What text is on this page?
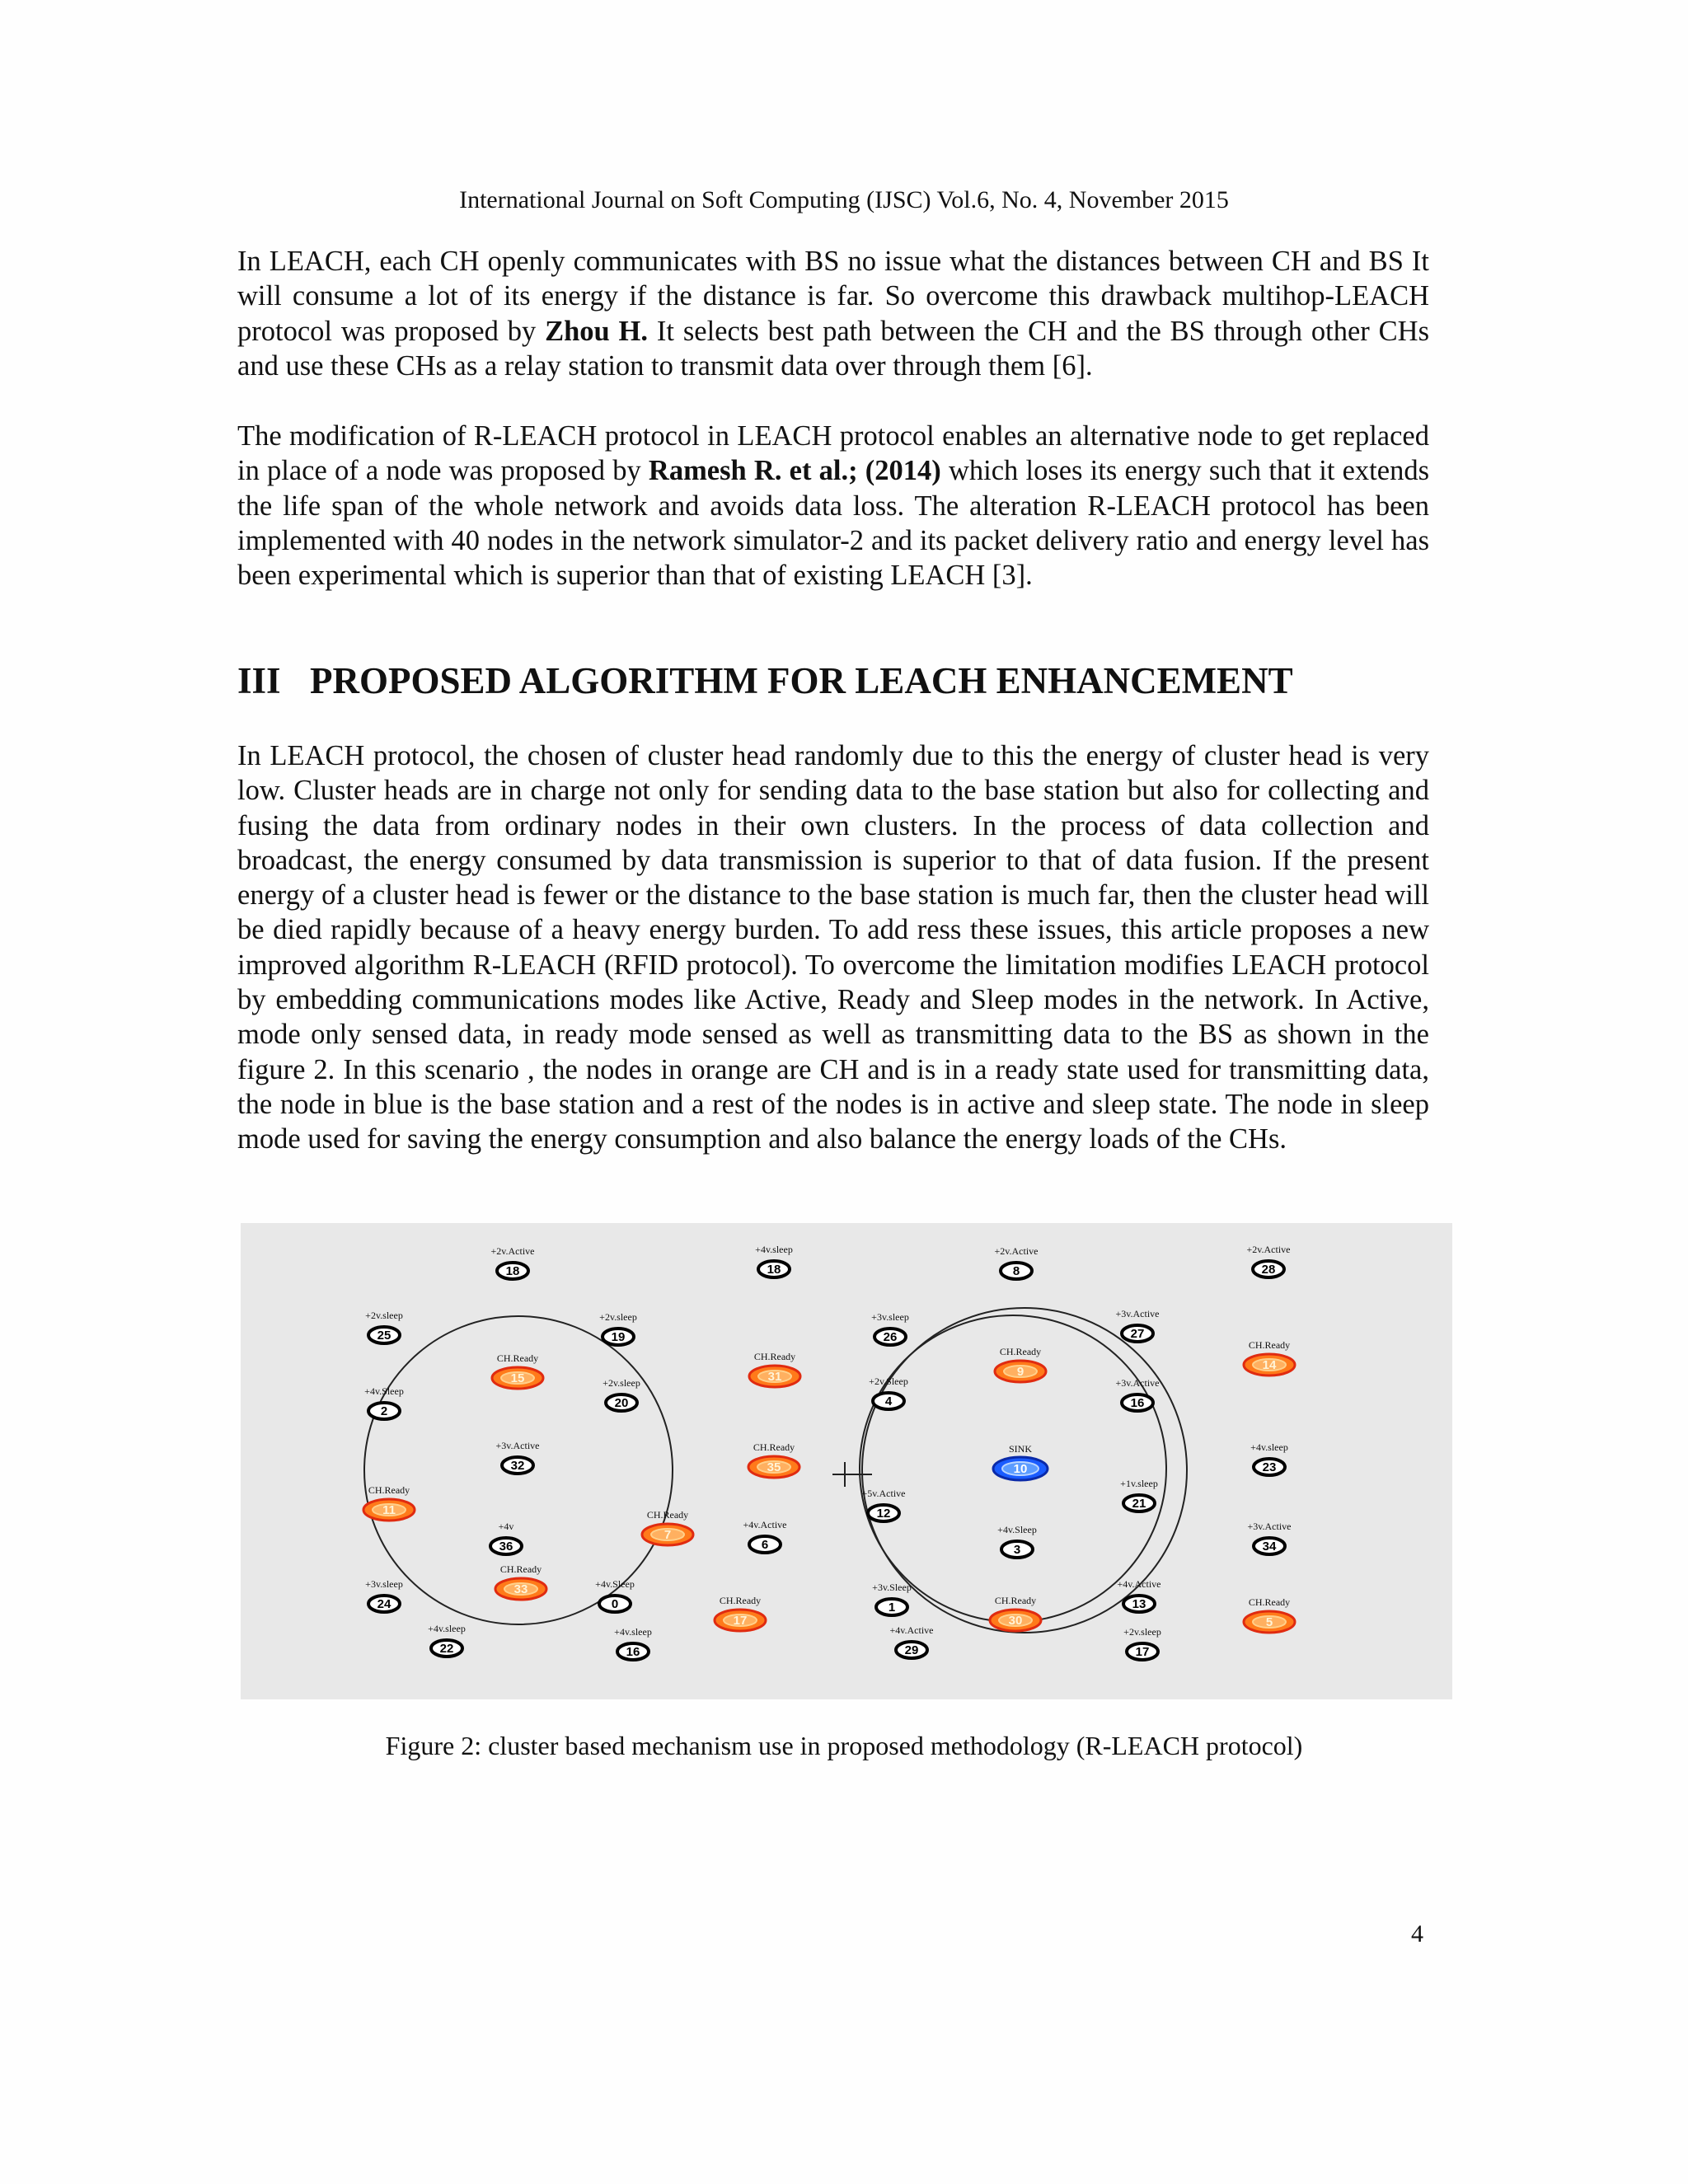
International Journal on Soft Computing (IJSC) Vol.6, No. 4, November 2015

In LEACH, each CH openly communicates with BS no issue what the distances between CH and BS It will consume a lot of its energy if the distance is far. So overcome this drawback multihop-LEACH protocol was proposed by Zhou H. It selects best path between the CH and the BS through other CHs and use these CHs as a relay station to transmit data over through them [6].

The modification of R-LEACH protocol in LEACH protocol enables an alternative node to get replaced in place of a node was proposed by Ramesh R. et al.; (2014) which loses its energy such that it extends the life span of the whole network and avoids data loss. The alteration R-LEACH protocol has been implemented with 40 nodes in the network simulator-2 and its packet delivery ratio and energy level has been experimental which is superior than that of existing LEACH [3].

III PROPOSED ALGORITHM FOR LEACH ENHANCEMENT

In LEACH protocol, the chosen of cluster head randomly due to this the energy of cluster head is very low. Cluster heads are in charge not only for sending data to the base station but also for collecting and fusing the data from ordinary nodes in their own clusters. In the process of data collection and broadcast, the energy consumed by data transmission is superior to that of data fusion. If the present energy of a cluster head is fewer or the distance to the base station is much far, then the cluster head will be died rapidly because of a heavy energy burden. To add ress these issues, this article proposes a new improved algorithm R-LEACH (RFID protocol). To overcome the limitation modifies LEACH protocol by embedding communications modes like Active, Ready and Sleep modes in the network. In Active, mode only sensed data, in ready mode sensed as well as transmitting data to the BS as shown in the figure 2. In this scenario , the nodes in orange are CH and is in a ready state used for transmitting data, the node in blue is the base station and a rest of the nodes is in active and sleep state. The node in sleep mode used for saving the energy consumption and also balance the energy loads of the CHs.

+2v.Active
18
+4v.sleep
18
+2v.Active
8
+2v.Active
28
+2v.sleep
25
+2v.sleep
19
+3v.sleep
26
+3v.Active
27
CH.Ready
15
CH.Ready
31
CH.Ready
9
CH.Ready
14
+4v.Sleep
2
+2v.sleep
20
+2v.Sleep
4
+3v.Active
16
+3v.Active
32
CH.Ready
35
SINK
10
+4v.sleep
23
CH.Ready
11
+1v.sleep
21
+5v.Active
12
+4v
36
CH.Ready
7
+4v.Active
6
+4v.Sleep
3
+3v.Active
34
CH.Ready
33
+3v.sleep
24
+4v.Sleep
0	CH.Ready
17
+3v.Sleep
1	CH.Ready
30
+4v.Active
13	CH.Ready
5
+4v.sleep
22
+4v.sleep
16
+4v.Active
29
+2v.sleep
17
Figure 2: cluster based mechanism use in proposed methodology (R-LEACH protocol)
4
